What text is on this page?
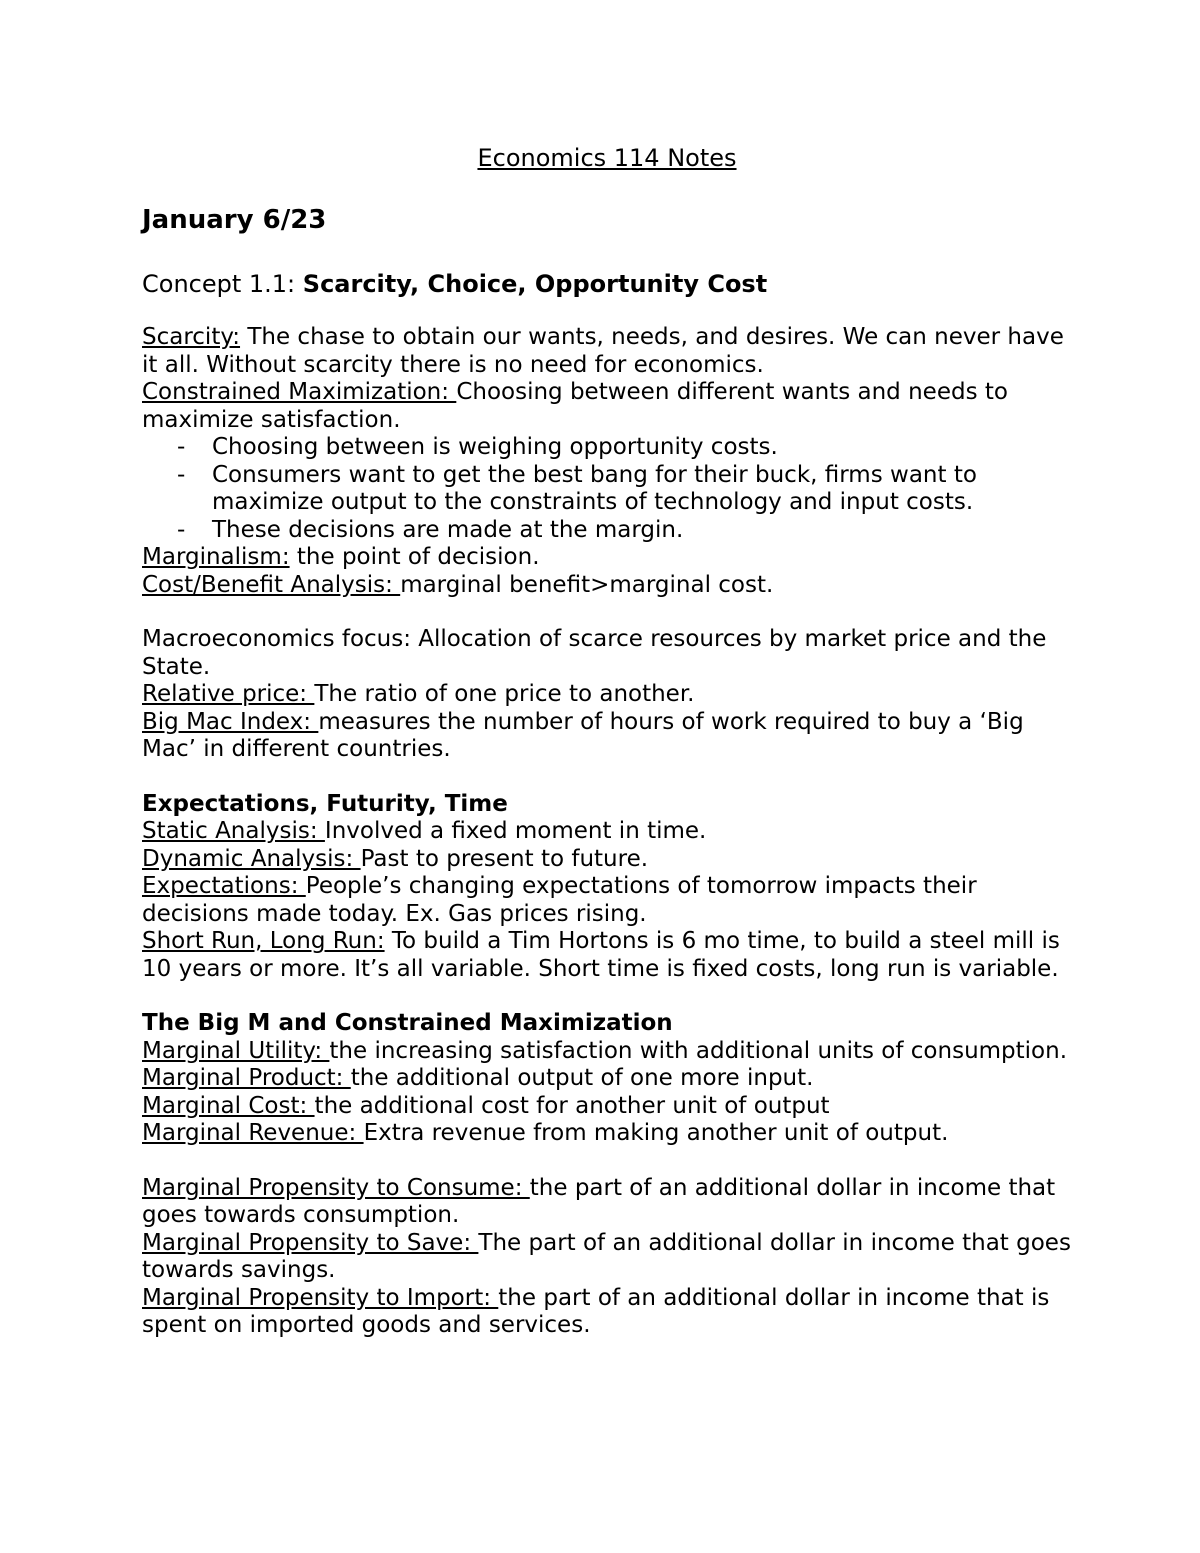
Economics 114 Notes
January 6/23
Concept 1.1: Scarcity, Choice, Opportunity Cost

Scarcity: The chase to obtain our wants, needs, and desires. We can never have it all. Without scarcity there is no need for economics.

Constrained Maximization: Choosing between different wants and needs to maximize satisfaction.

- Choosing between is weighing opportunity costs.
- Consumers want to get the best bang for their buck, firms want to maximize output to the constraints of technology and input costs.
- These decisions are made at the margin.

Marginalism: the point of decision.

Cost/Benefit Analysis: marginal benefit>marginal cost.

Macroeconomics focus: Allocation of scarce resources by market price and the State.

Relative price: The ratio of one price to another.

Big Mac Index: measures the number of hours of work required to buy a ‘Big Mac’ in different countries.

Expectations, Futurity, Time

Static Analysis: Involved a fixed moment in time.

Dynamic Analysis: Past to present to future.

Expectations: People’s changing expectations of tomorrow impacts their decisions made today. Ex. Gas prices rising.

Short Run, Long Run: To build a Tim Hortons is 6 mo time, to build a steel mill is 10 years or more. It’s all variable. Short time is fixed costs, long run is variable.

The Big M and Constrained Maximization

Marginal Utility: the increasing satisfaction with additional units of consumption.

Marginal Product: the additional output of one more input.

Marginal Cost: the additional cost for another unit of output

Marginal Revenue: Extra revenue from making another unit of output.

Marginal Propensity to Consume: the part of an additional dollar in income that goes towards consumption.

Marginal Propensity to Save: The part of an additional dollar in income that goes towards savings.

Marginal Propensity to Import: the part of an additional dollar in income that is spent on imported goods and services.
